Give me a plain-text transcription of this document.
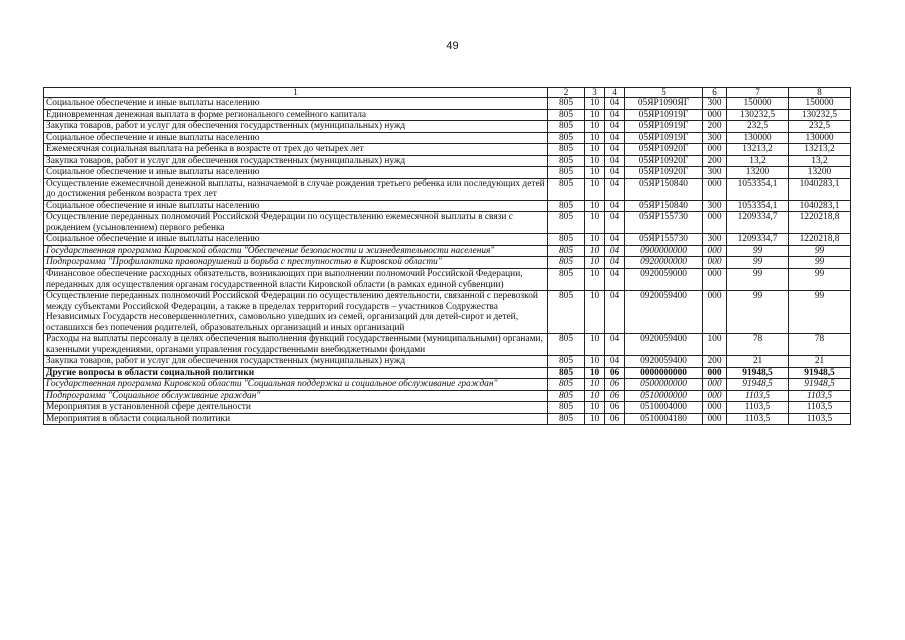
49
1	2	3	4	5	6	7	8
Социальное обеспечение и иные выплаты населению	805	10	04	05ЯР1090ЯГ	300	150000	150000
Единовременная денежная выплата в форме регионального семейного капитала	805	10	04	05ЯР10919Г	000	130232,5	130232,5
Закупка товаров, работ и услуг для обеспечения государственных (муниципальных) нужд	805	10	04	05ЯР10919Г	200	232,5	232,5
Социальное обеспечение и иные выплаты населению	805	10	04	05ЯР10919Г	300	130000	130000
Ежемесячная социальная выплата на ребенка в возрасте от трех до четырех лет	805	10	04	05ЯР10920Г	000	13213,2	13213,2
Закупка товаров, работ и услуг для обеспечения государственных (муниципальных) нужд	805	10	04	05ЯР10920Г	200	13,2	13,2
Социальное обеспечение и иные выплаты населению	805	10	04	05ЯР10920Г	300	13200	13200
Осуществление ежемесячной денежной выплаты, назначаемой в случае рождения третьего ребенка или последующих детей до достижения ребенком возраста трех лет	805	10	04	05ЯР150840	000	1053354,1	1040283,1
Социальное обеспечение и иные выплаты населению	805	10	04	05ЯР150840	300	1053354,1	1040283,1
Осуществление переданных полномочий Российской Федерации по осуществлению ежемесячной выплаты в связи с рождением (усыновлением) первого ребенка	805	10	04	05ЯР155730	000	1209334,7	1220218,8
Социальное обеспечение и иные выплаты населению	805	10	04	05ЯР155730	300	1209334,7	1220218,8
Государственная программа Кировской области "Обеспечение безопасности и жизнедеятельности населения"	805	10	04	0900000000	000	99	99
Подпрограмма "Профилактика правонарушений и борьба с преступностью в Кировской области"	805	10	04	0920000000	000	99	99
Финансовое обеспечение расходных обязательств, возникающих при выполнении полномочий Российской Федерации, переданных для осуществления органам государственной власти Кировской области (в рамках единой субвенции)	805	10	04	0920059000	000	99	99
Осуществление переданных полномочий Российской Федерации по осуществлению деятельности, связанной с перевозкой между субъектами Российской Федерации, а также в пределах территорий государств – участников Содружества Независимых Государств несовершеннолетних, самовольно ушедших из семей, организаций для детей-сирот и детей, оставшихся без попечения родителей, образовательных организаций и иных организаций	805	10	04	0920059400	000	99	99
Расходы на выплаты персоналу в целях обеспечения выполнения функций государственными (муниципальными) органами, казенными учреждениями, органами управления государственными внебюджетными фондами	805	10	04	0920059400	100	78	78
Закупка товаров, работ и услуг для обеспечения государственных (муниципальных) нужд	805	10	04	0920059400	200	21	21
Другие вопросы в области социальной политики	805	10	06	0000000000	000	91948,5	91948,5
Государственная программа Кировской области "Социальная поддержка и социальное обслуживание граждан"	805	10	06	0500000000	000	91948,5	91948,5
Подпрограмма "Социальное обслуживание граждан"	805	10	06	0510000000	000	1103,5	1103,5
Мероприятия в установленной сфере деятельности	805	10	06	0510004000	000	1103,5	1103,5
Мероприятия в области социальной политики	805	10	06	0510004180	000	1103,5	1103,5
